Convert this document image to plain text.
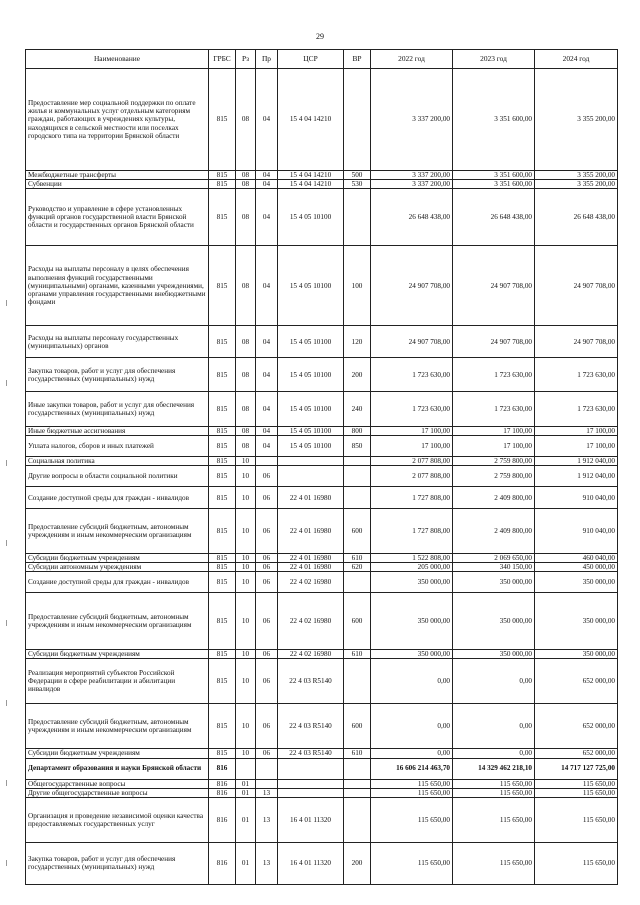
29
Наименование	ГРБС	Рз	Пр	ЦСР	ВР	2022 год	2023 год	2024 год
Предоставление мер социальной поддержки по оплате жилья и коммунальных услуг отдельным категориям граждан, работающих в учреждениях культуры, находящихся в сельской местности или поселках городского типа на территории Брянской области	815	08	04	15 4 04 14210		3 337 200,00	3 351 600,00	3 355 200,00
Межбюджетные трансферты	815	08	04	15 4 04 14210	500	3 337 200,00	3 351 600,00	3 355 200,00
Субвенции	815	08	04	15 4 04 14210	530	3 337 200,00	3 351 600,00	3 355 200,00
Руководство и управление в сфере установленных функций органов государственной власти Брянской области и государственных органов Брянской области	815	08	04	15 4 05 10100		26 648 438,00	26 648 438,00	26 648 438,00
Расходы на выплаты персоналу в целях обеспечения выполнения функций государственными (муниципальными) органами, казенными учреждениями, органами управления государственными внебюджетными фондами	815	08	04	15 4 05 10100	100	24 907 708,00	24 907 708,00	24 907 708,00
Расходы на выплаты персоналу государственных (муниципальных) органов	815	08	04	15 4 05 10100	120	24 907 708,00	24 907 708,00	24 907 708,00
Закупка товаров, работ и услуг для обеспечения государственных (муниципальных) нужд	815	08	04	15 4 05 10100	200	1 723 630,00	1 723 630,00	1 723 630,00
Иные закупки товаров, работ и услуг для обеспечения государственных (муниципальных) нужд	815	08	04	15 4 05 10100	240	1 723 630,00	1 723 630,00	1 723 630,00
Иные бюджетные ассигнования	815	08	04	15 4 05 10100	800	17 100,00	17 100,00	17 100,00
Уплата налогов, сборов и иных платежей	815	08	04	15 4 05 10100	850	17 100,00	17 100,00	17 100,00
Социальная политика	815	10				2 077 808,00	2 759 800,00	1 912 040,00
Другие вопросы в области социальной политики	815	10	06			2 077 808,00	2 759 800,00	1 912 040,00
Создание доступной среды для граждан - инвалидов	815	10	06	22 4 01 16980		1 727 808,00	2 409 800,00	910 040,00
Предоставление субсидий бюджетным, автономным учреждениям и иным некоммерческим организациям	815	10	06	22 4 01 16980	600	1 727 808,00	2 409 800,00	910 040,00
Субсидии бюджетным учреждениям	815	10	06	22 4 01 16980	610	1 522 808,00	2 069 650,00	460 040,00
Субсидии автономным учреждениям	815	10	06	22 4 01 16980	620	205 000,00	340 150,00	450 000,00
Создание доступной среды для граждан - инвалидов	815	10	06	22 4 02 16980		350 000,00	350 000,00	350 000,00
Предоставление субсидий бюджетным, автономным учреждениям и иным некоммерческим организациям	815	10	06	22 4 02 16980	600	350 000,00	350 000,00	350 000,00
Субсидии бюджетным учреждениям	815	10	06	22 4 02 16980	610	350 000,00	350 000,00	350 000,00
Реализация мероприятий субъектов Российской Федерации в сфере реабилитации и абилитации инвалидов	815	10	06	22 4 03 R5140		0,00	0,00	652 000,00
Предоставление субсидий бюджетным, автономным учреждениям и иным некоммерческим организациям	815	10	06	22 4 03 R5140	600	0,00	0,00	652 000,00
Субсидии бюджетным учреждениям	815	10	06	22 4 03 R5140	610	0,00	0,00	652 000,00
Департамент образования и науки Брянской области	816					16 606 214 463,70	14 329 462 218,10	14 717 127 725,00
Общегосударственные вопросы	816	01				115 650,00	115 650,00	115 650,00
Другие общегосударственные вопросы	816	01	13			115 650,00	115 650,00	115 650,00
Организация и проведение независимой оценки качества предоставляемых государственных услуг	816	01	13	16 4 01 11320		115 650,00	115 650,00	115 650,00
Закупка товаров, работ и услуг для обеспечения государственных (муниципальных) нужд	816	01	13	16 4 01 11320	200	115 650,00	115 650,00	115 650,00
